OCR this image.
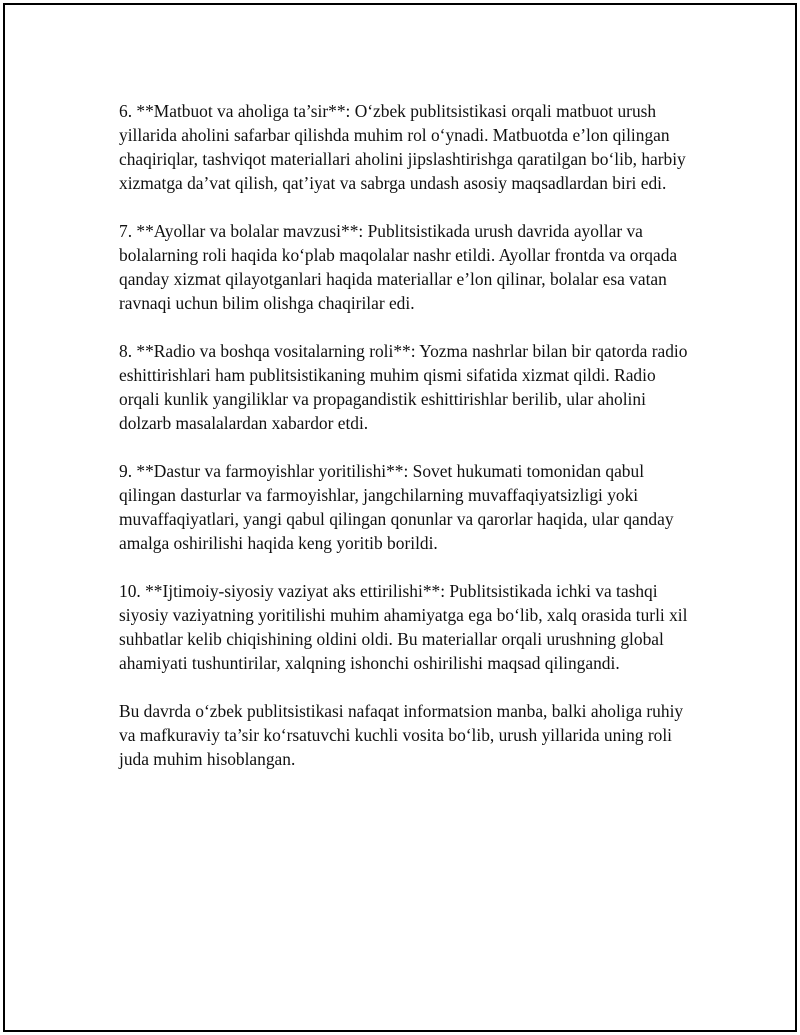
6. **Matbuot va aholiga ta’sir**: O‘zbek publitsistikasi orqali matbuot urush yillarida aholini safarbar qilishda muhim rol o‘ynadi. Matbuotda e’lon qilingan chaqiriqlar, tashviqot materiallari aholini jipslashtirishga qaratilgan bo‘lib, harbiy xizmatga da’vat qilish, qat’iyat va sabrga undash asosiy maqsadlardan biri edi.

7. **Ayollar va bolalar mavzusi**: Publitsistikada urush davrida ayollar va bolalarning roli haqida ko‘plab maqolalar nashr etildi. Ayollar frontda va orqada qanday xizmat qilayotganlari haqida materiallar e’lon qilinar, bolalar esa vatan ravnaqi uchun bilim olishga chaqirilar edi.

8. **Radio va boshqa vositalarning roli**: Yozma nashrlar bilan bir qatorda radio eshittirishlari ham publitsistikaning muhim qismi sifatida xizmat qildi. Radio orqali kunlik yangiliklar va propagandistik eshittirishlar berilib, ular aholini dolzarb masalalardan xabardor etdi.

9. **Dastur va farmoyishlar yoritilishi**: Sovet hukumati tomonidan qabul qilingan dasturlar va farmoyishlar, jangchilarning muvaffaqiyatsizligi yoki muvaffaqiyatlari, yangi qabul qilingan qonunlar va qarorlar haqida, ular qanday amalga oshirilishi haqida keng yoritib borildi.

10. **Ijtimoiy-siyosiy vaziyat aks ettirilishi**: Publitsistikada ichki va tashqi siyosiy vaziyatning yoritilishi muhim ahamiyatga ega bo‘lib, xalq orasida turli xil suhbatlar kelib chiqishining oldini oldi. Bu materiallar orqali urushning global ahamiyati tushuntirilar, xalqning ishonchi oshirilishi maqsad qilingandi.

Bu davrda o‘zbek publitsistikasi nafaqat informatsion manba, balki aholiga ruhiy va mafkuraviy ta’sir ko‘rsatuvchi kuchli vosita bo‘lib, urush yillarida uning roli juda muhim hisoblangan.
